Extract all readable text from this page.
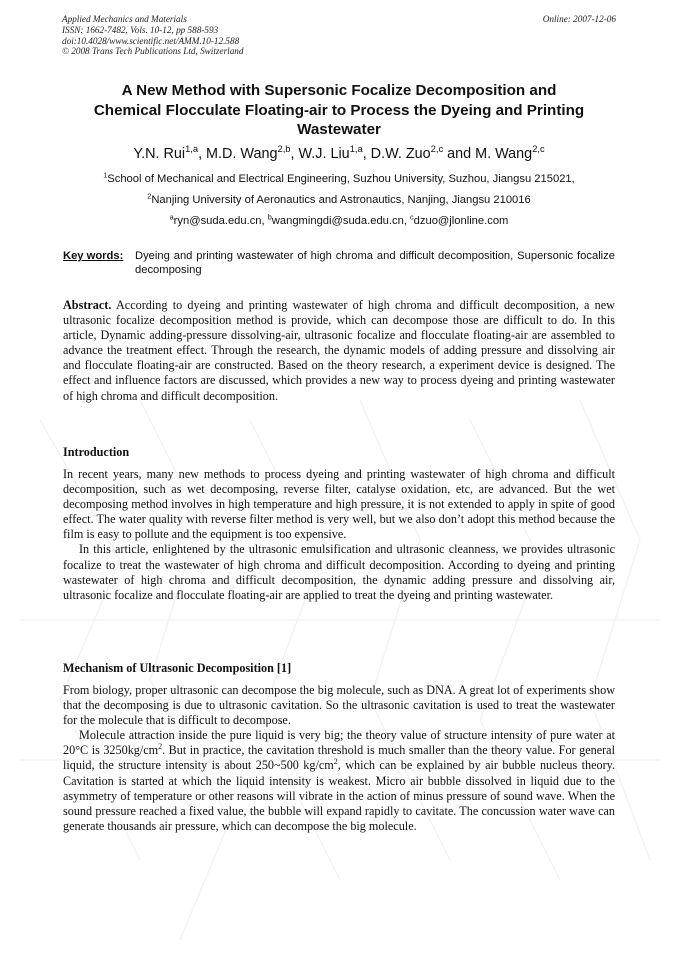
Applied Mechanics and Materials
ISSN: 1662-7482, Vols. 10-12, pp 588-593
doi:10.4028/www.scientific.net/AMM.10-12.588
© 2008 Trans Tech Publications Ltd, Switzerland
Online: 2007-12-06
A New Method with Supersonic Focalize Decomposition and
Chemical Flocculate Floating-air to Process the Dyeing and Printing
Wastewater
Y.N. Rui$^{1,a}$, M.D. Wang$^{2,b}$, W.J. Liu$^{1,a}$, D.W. Zuo$^{2,c}$ and M. Wang$^{2,c}$
$^1$School of Mechanical and Electrical Engineering, Suzhou University, Suzhou, Jiangsu 215021,
$^2$Nanjing University of Aeronautics and Astronautics, Nanjing, Jiangsu 210016
$^a$ryn@suda.edu.cn, $^b$wangmingdi@suda.edu.cn, $^c$dzuo@jlonline.com
Key words: Dyeing and printing wastewater of high chroma and difficult decomposition, Supersonic focalize decomposing

Abstract. According to dyeing and printing wastewater of high chroma and difficult decomposition, a new ultrasonic focalize decomposition method is provide, which can decompose those are difficult to do. In this article, Dynamic adding-pressure dissolving-air, ultrasonic focalize and flocculate floating-air are assembled to advance the treatment effect. Through the research, the dynamic models of adding pressure and dissolving air and flocculate floating-air are constructed. Based on the theory research, a experiment device is designed. The effect and influence factors are discussed, which provides a new way to process dyeing and printing wastewater of high chroma and difficult decomposition.

Introduction

In recent years, many new methods to process dyeing and printing wastewater of high chroma and difficult decomposition, such as wet decomposing, reverse filter, catalyse oxidation, etc, are advanced. But the wet decomposing method involves in high temperature and high pressure, it is not extended to apply in spite of good effect. The water quality with reverse filter method is very well, but we also don’t adopt this method because the film is easy to pollute and the equipment is too expensive.

In this article, enlightened by the ultrasonic emulsification and ultrasonic cleanness, we provides ultrasonic focalize to treat the wastewater of high chroma and difficult decomposition. According to dyeing and printing wastewater of high chroma and difficult decomposition, the dynamic adding pressure and dissolving air, ultrasonic focalize and flocculate floating-air are applied to treat the dyeing and printing wastewater.

Mechanism of Ultrasonic Decomposition [1]

From biology, proper ultrasonic can decompose the big molecule, such as DNA. A great lot of experiments show that the decomposing is due to ultrasonic cavitation. So the ultrasonic cavitation is used to treat the wastewater for the molecule that is difficult to decompose.

Molecule attraction inside the pure liquid is very big; the theory value of structure intensity of pure water at 20°C is $3250kg/cm^2$. But in practice, the cavitation threshold is much smaller than the theory value. For general liquid, the structure intensity is about 250~500 $kg/cm^2$, which can be explained by air bubble nucleus theory. Cavitation is started at which the liquid intensity is weakest. Micro air bubble dissolved in liquid due to the asymmetry of temperature or other reasons will vibrate in the action of minus pressure of sound wave. When the sound pressure reached a fixed value, the bubble will expand rapidly to cavitate. The concussion water wave can generate thousands air pressure, which can decompose the big molecule.
